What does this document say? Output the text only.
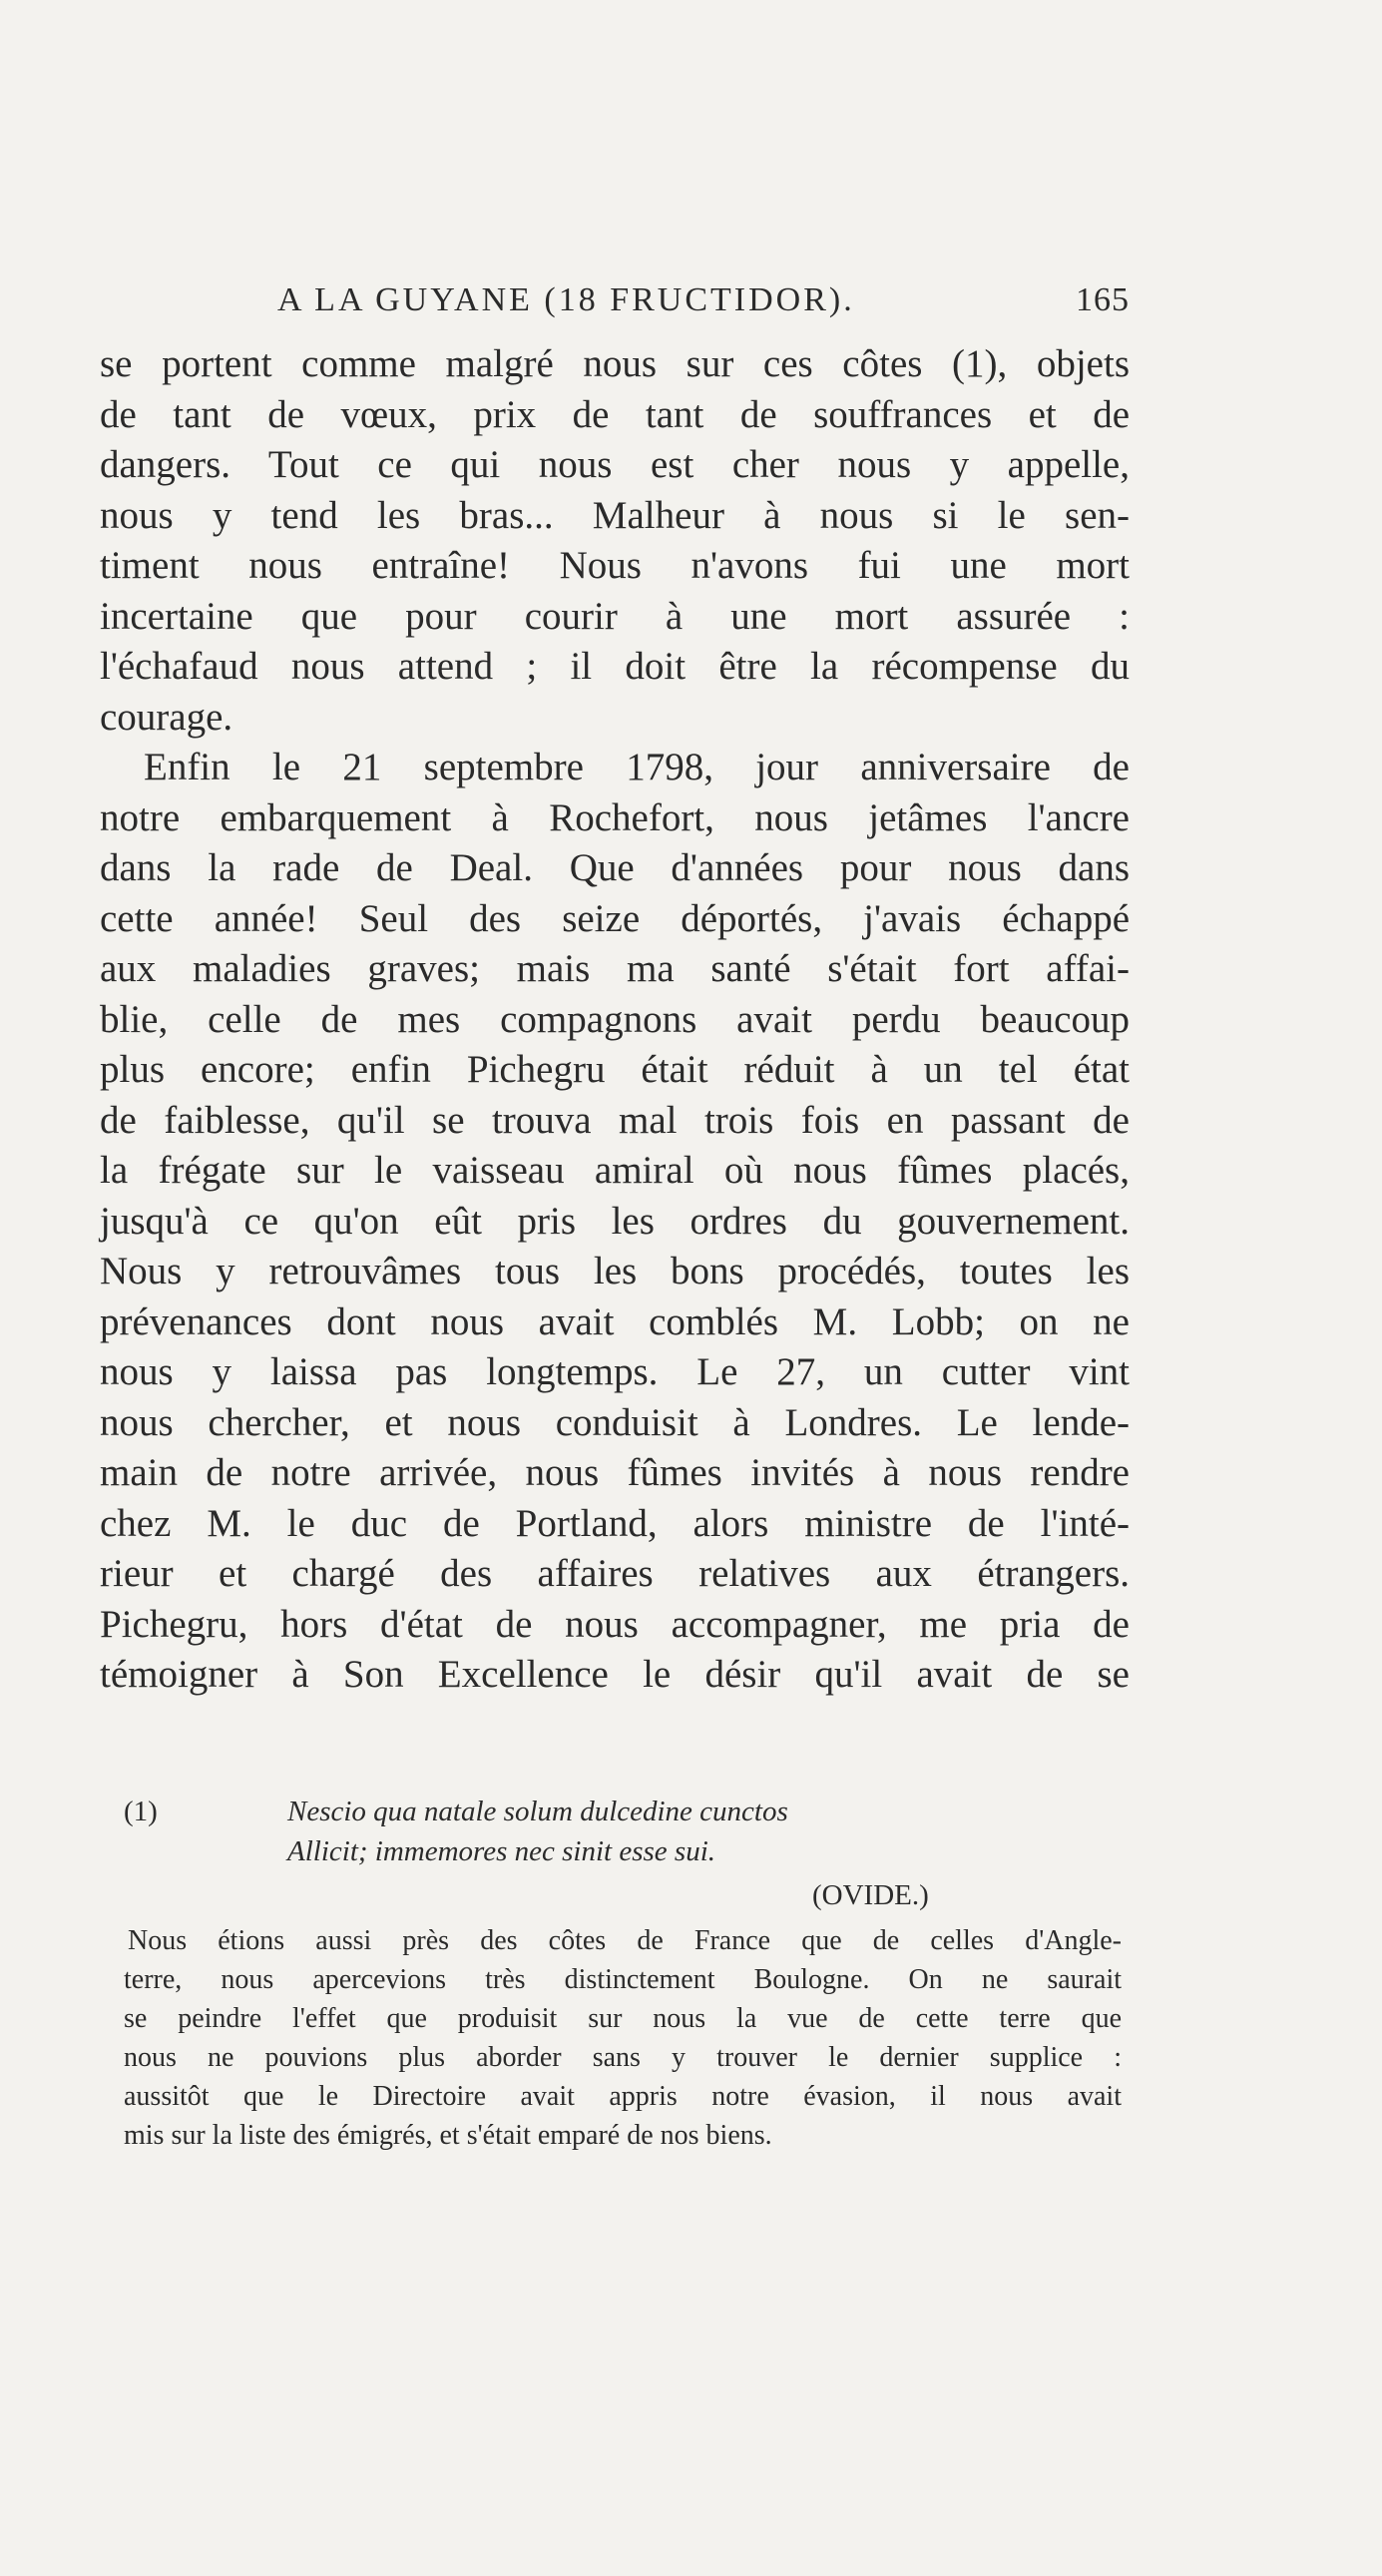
A LA GUYANE (18 FRUCTIDOR).	165
se portent comme malgré nous sur ces côtes (1), objets
de tant de vœux, prix de tant de souffrances et de
dangers. Tout ce qui nous est cher nous y appelle,
nous y tend les bras... Malheur à nous si le sen-
timent nous entraîne! Nous n'avons fui une mort
incertaine que pour courir à une mort assurée :
l'échafaud nous attend ; il doit être la récompense du
courage.
Enfin le 21 septembre 1798, jour anniversaire de
notre embarquement à Rochefort, nous jetâmes l'ancre
dans la rade de Deal. Que d'années pour nous dans
cette année! Seul des seize déportés, j'avais échappé
aux maladies graves; mais ma santé s'était fort affai-
blie, celle de mes compagnons avait perdu beaucoup
plus encore; enfin Pichegru était réduit à un tel état
de faiblesse, qu'il se trouva mal trois fois en passant de
la frégate sur le vaisseau amiral où nous fûmes placés,
jusqu'à ce qu'on eût pris les ordres du gouvernement.
Nous y retrouvâmes tous les bons procédés, toutes les
prévenances dont nous avait comblés M. Lobb; on ne
nous y laissa pas longtemps. Le 27, un cutter vint
nous chercher, et nous conduisit à Londres. Le lende-
main de notre arrivée, nous fûmes invités à nous rendre
chez M. le duc de Portland, alors ministre de l'inté-
rieur et chargé des affaires relatives aux étrangers.
Pichegru, hors d'état de nous accompagner, me pria de
témoigner à Son Excellence le désir qu'il avait de se
(1)	Nescio qua natale solum dulcedine cunctos
Allicit; immemores nec sinit esse sui.
(OVIDE.)
Nous étions aussi près des côtes de France que de celles d'Angle-
terre, nous apercevions très distinctement Boulogne. On ne saurait
se peindre l'effet que produisit sur nous la vue de cette terre que
nous ne pouvions plus aborder sans y trouver le dernier supplice :
aussitôt que le Directoire avait appris notre évasion, il nous avait
mis sur la liste des émigrés, et s'était emparé de nos biens.
